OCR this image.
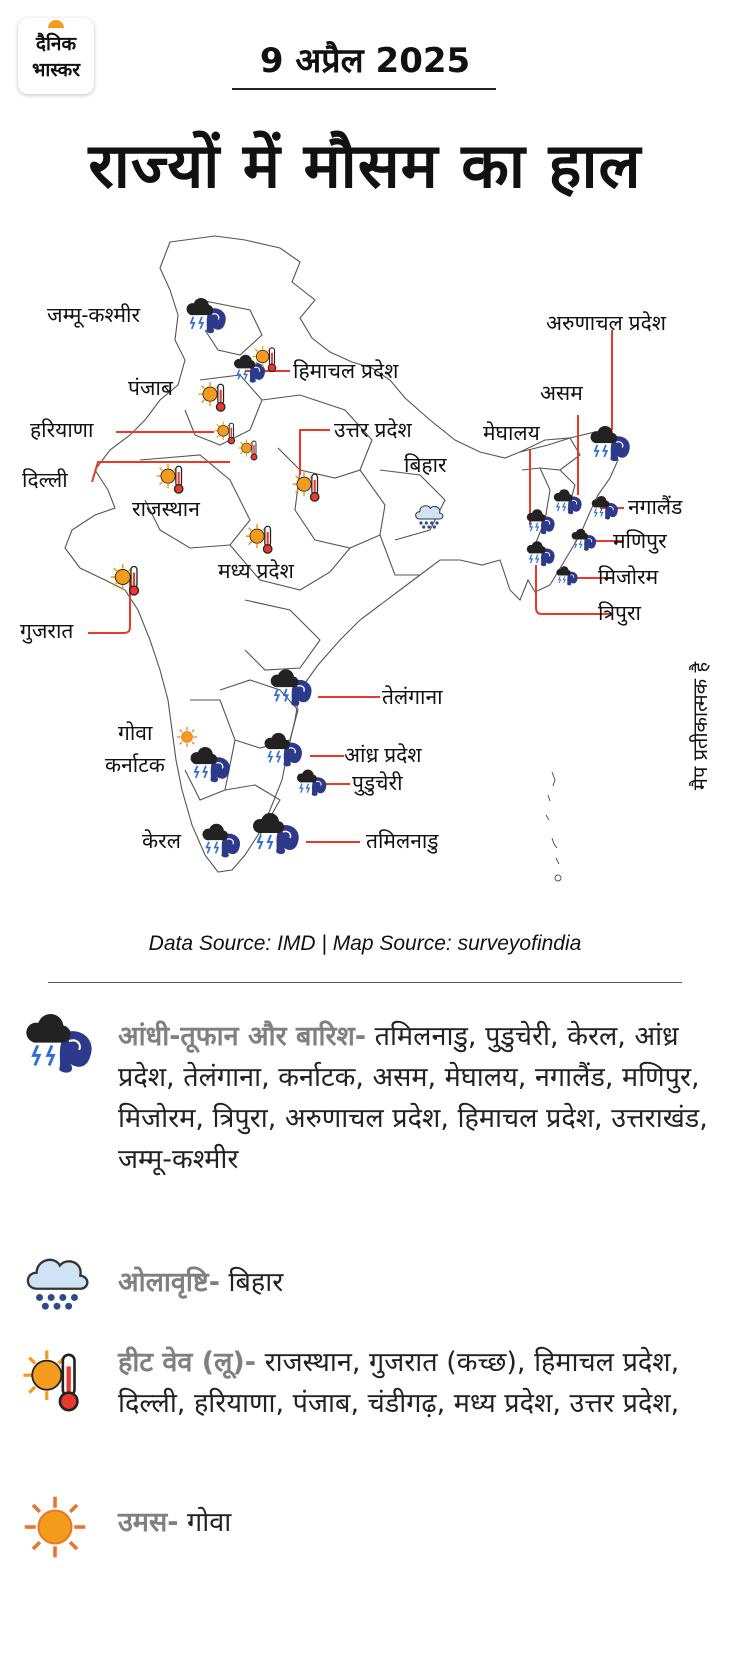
दैनिक
भास्कर	9 अप्रैल 2025
राज्यों में मौसम का हाल
जम्मू-कश्मीर
हिमाचल प्रदेश
पंजाब
हरियाणा	उत्तर प्रदेश
दिल्ली
राजस्थान
बिहार
मध्य प्रदेश
गुजरात
अरुणाचल प्रदेश
असम
मेघालय
नगालैंड
मणिपुर
मिजोरम
त्रिपुरा
तेलंगाना
गोवा
कर्नाटक	आंध्र प्रदेश
पुडुचेरी
केरल	तमिलनाडु
मैप प्रतीकात्मक है
Data Source: IMD | Map Source: surveyofindia
आंधी-तूफान और बारिश- तमिलनाडु, पुडुचेरी, केरल, आंध्र प्रदेश, तेलंगाना, कर्नाटक, असम, मेघालय, नगालैंड, मणिपुर, मिजोरम, त्रिपुरा, अरुणाचल प्रदेश, हिमाचल प्रदेश, उत्तराखंड, जम्मू-कश्मीर
ओलावृष्टि- बिहार
हीट वेव (लू)- राजस्थान, गुजरात (कच्छ), हिमाचल प्रदेश, दिल्ली, हरियाणा, पंजाब, चंडीगढ़, मध्य प्रदेश, उत्तर प्रदेश,
उमस- गोवा
